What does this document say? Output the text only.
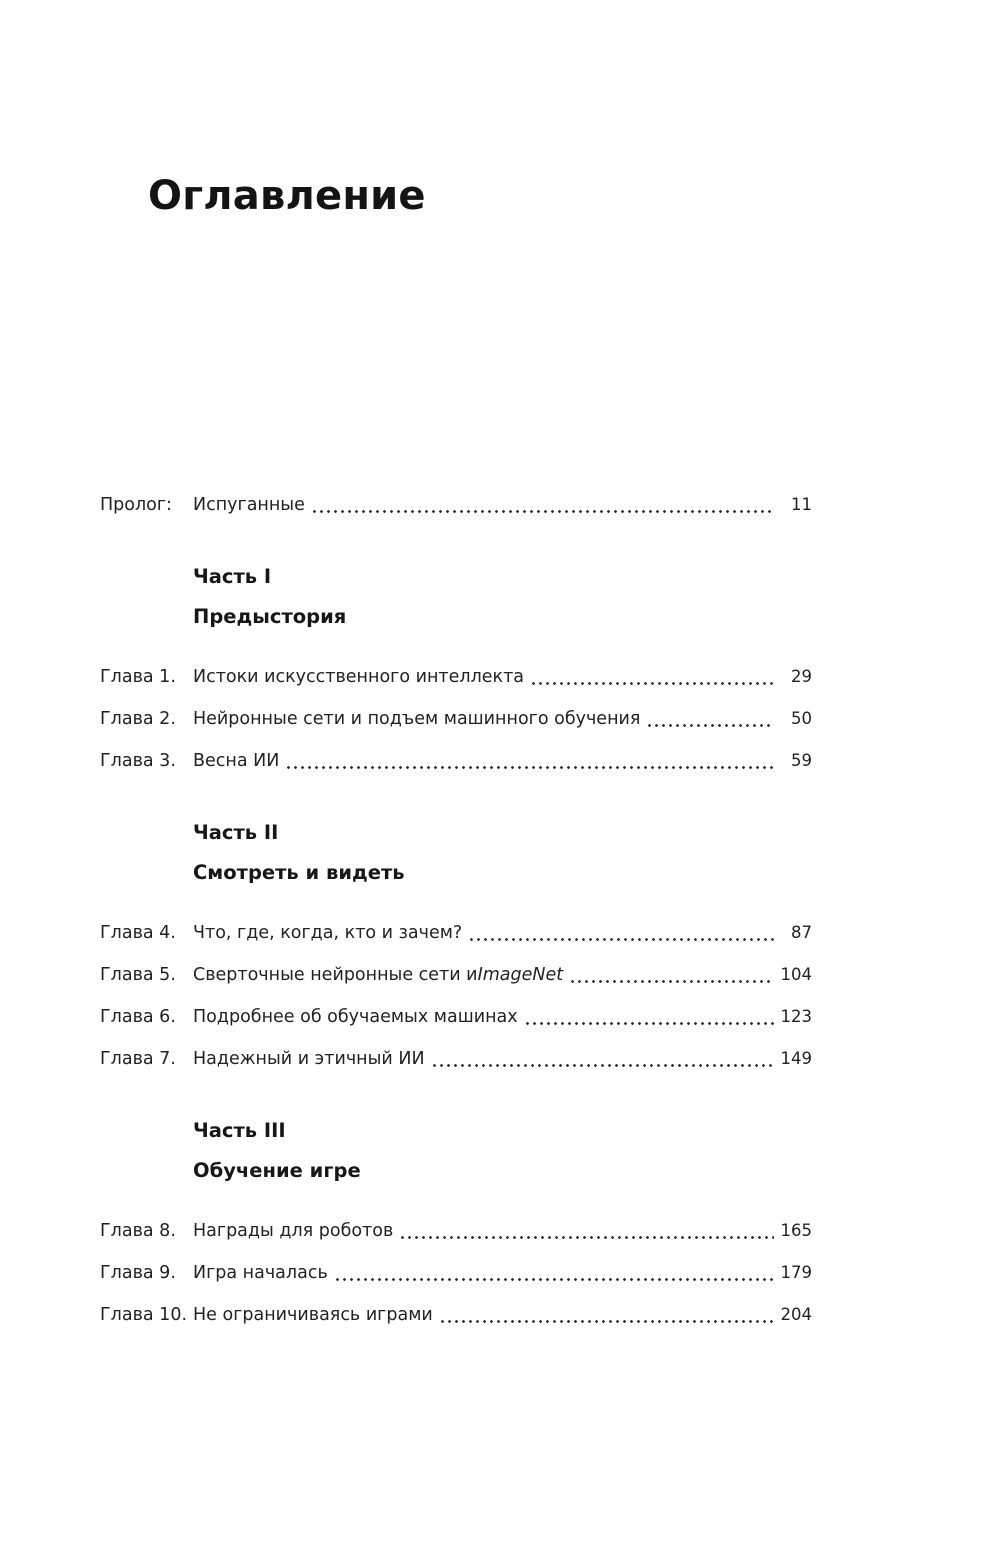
Оглавление
Пролог:	Испуганные	11
Часть I
Предыстория
Глава 1. Истоки искусственного интеллекта	29
Глава 2. Нейронные сети и подъем машинного обучения	50
Глава 3. Весна ИИ	59
Часть II
Смотреть и видеть
Глава 4. Что, где, когда, кто и зачем?	87
Глава 5. Сверточные нейронные сети и ImageNet	104
Глава 6. Подробнее об обучаемых машинах	123
Глава 7. Надежный и этичный ИИ	149
Часть III
Обучение игре
Глава 8. Награды для роботов	165
Глава 9. Игра началась	179
Глава 10. Не ограничиваясь играми	204
